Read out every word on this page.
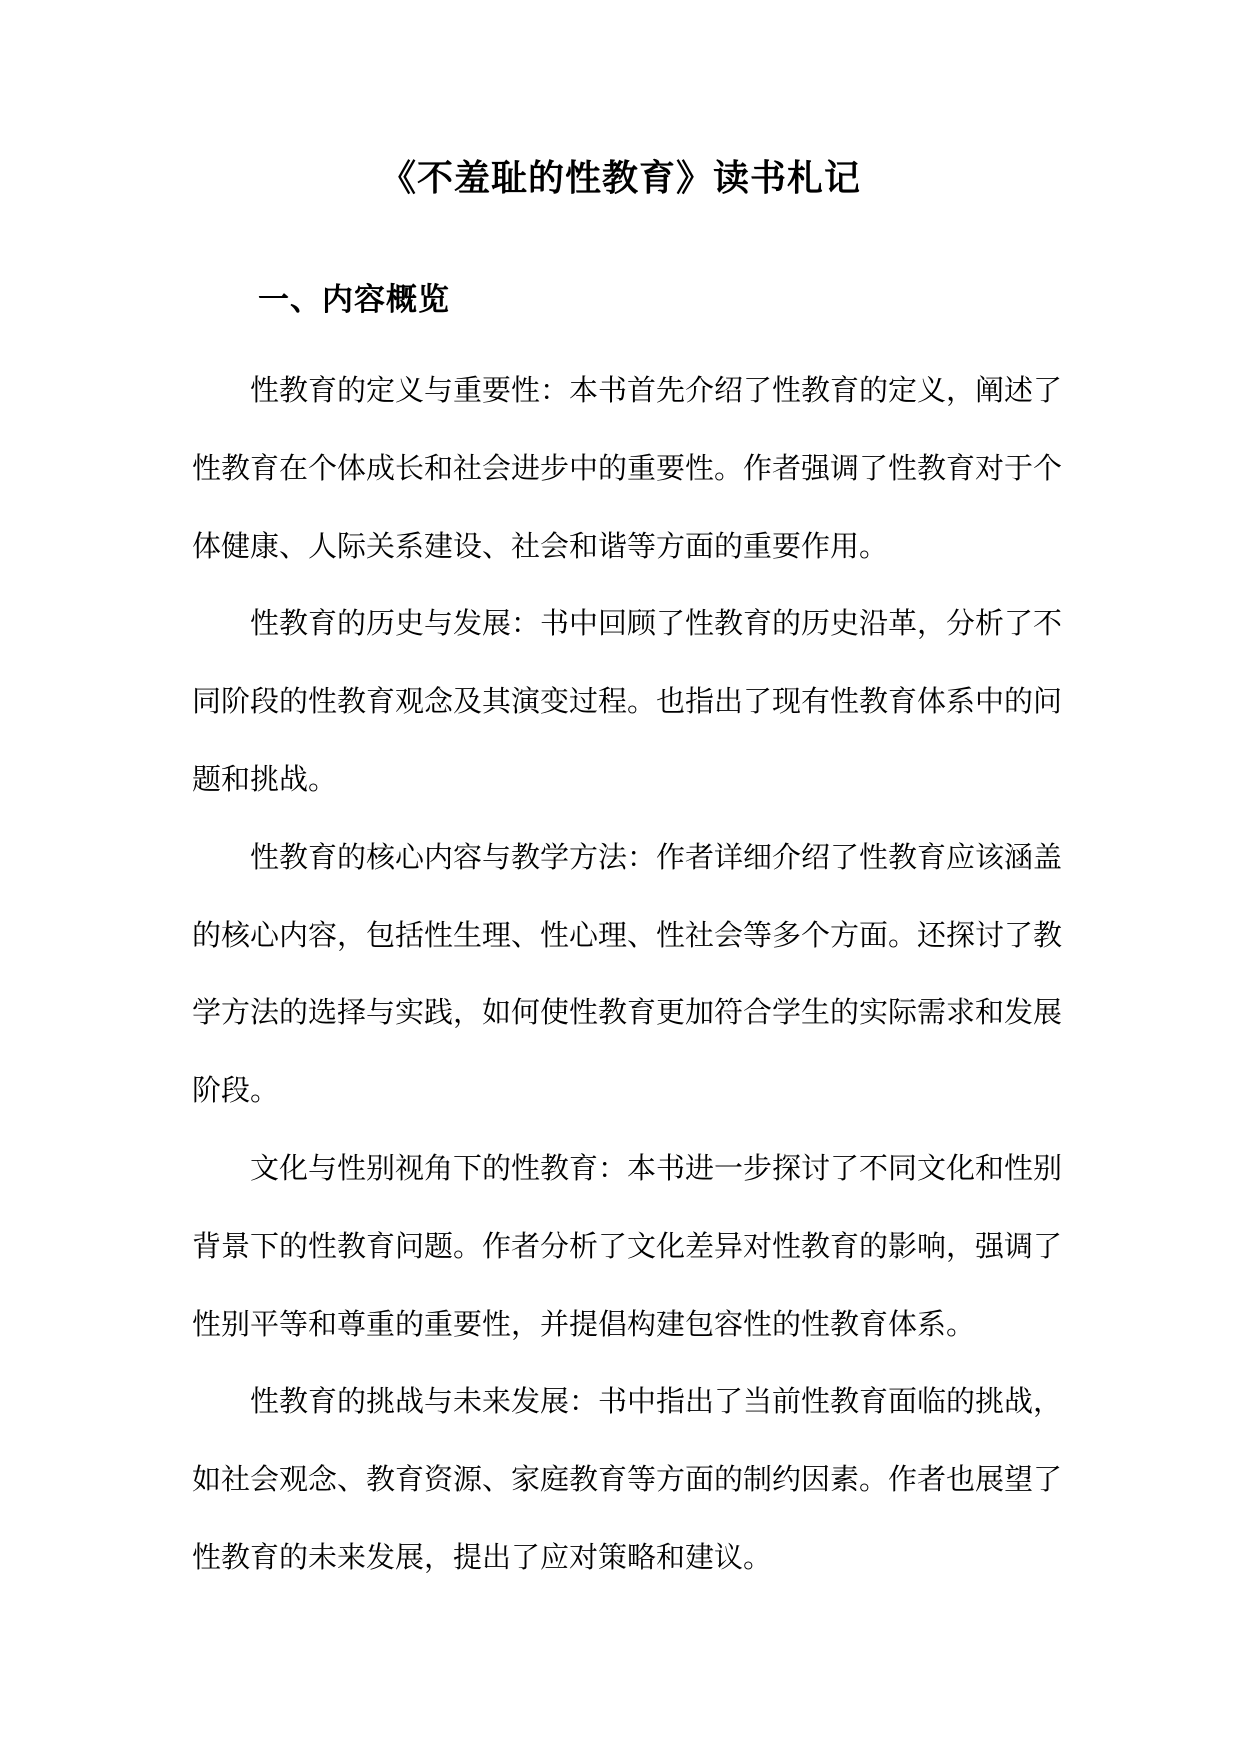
《不羞耻的性教育》读书札记
一、内容概览

性教育的定义与重要性：本书首先介绍了性教育的定义，阐述了性教育在个体成长和社会进步中的重要性。作者强调了性教育对于个体健康、人际关系建设、社会和谐等方面的重要作用。

性教育的历史与发展：书中回顾了性教育的历史沿革，分析了不同阶段的性教育观念及其演变过程。也指出了现有性教育体系中的问题和挑战。

性教育的核心内容与教学方法：作者详细介绍了性教育应该涵盖的核心内容，包括性生理、性心理、性社会等多个方面。还探讨了教学方法的选择与实践，如何使性教育更加符合学生的实际需求和发展阶段。

文化与性别视角下的性教育：本书进一步探讨了不同文化和性别背景下的性教育问题。作者分析了文化差异对性教育的影响，强调了性别平等和尊重的重要性，并提倡构建包容性的性教育体系。

性教育的挑战与未来发展：书中指出了当前性教育面临的挑战，如社会观念、教育资源、家庭教育等方面的制约因素。作者也展望了性教育的未来发展，提出了应对策略和建议。
